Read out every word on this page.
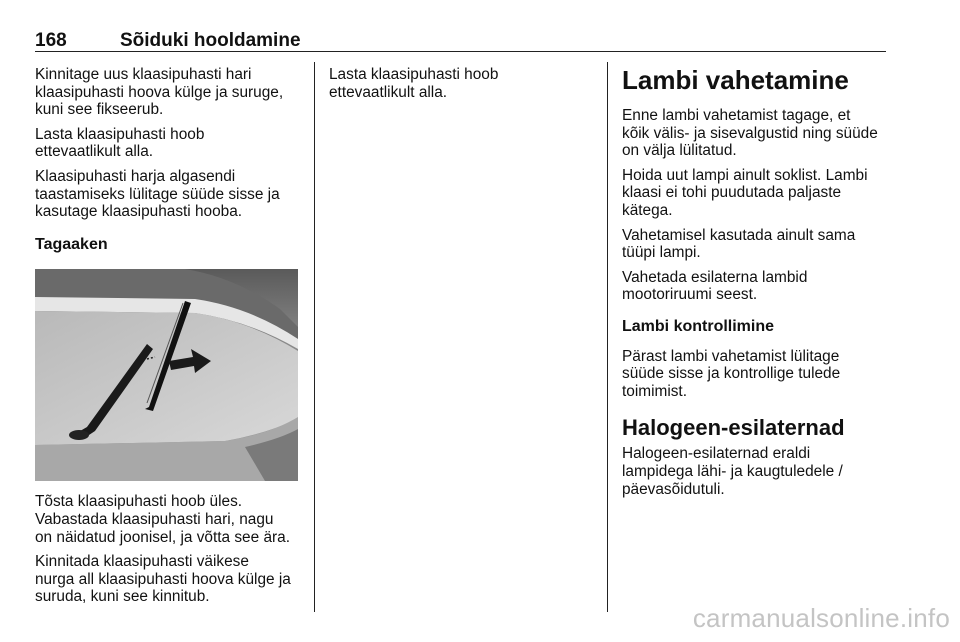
168	Sõiduki hooldamine

Kinnitage uus klaasipuhasti hari
klaasipuhasti hoova külge ja suruge,
kuni see fikseerub.

Lasta klaasipuhasti hoob
ettevaatlikult alla.

Klaasipuhasti harja algasendi
taastamiseks lülitage süüde sisse ja
kasutage klaasipuhasti hooba.

Tagaaken

Tõsta klaasipuhasti hoob üles.
Vabastada klaasipuhasti hari, nagu
on näidatud joonisel, ja võtta see ära.

Kinnitada klaasipuhasti väikese
nurga all klaasipuhasti hoova külge ja
suruda, kuni see kinnitub.

Lasta klaasipuhasti hoob
ettevaatlikult alla.	Lambi vahetamine

Enne lambi vahetamist tagage, et
kõik välis- ja sisevalgustid ning süüde
on välja lülitatud.

Hoida uut lampi ainult soklist. Lambi
klaasi ei tohi puudutada paljaste
kätega.

Vahetamisel kasutada ainult sama
tüüpi lampi.

Vahetada esilaterna lambid
mootoriruumi seest.

Lambi kontrollimine

Pärast lambi vahetamist lülitage
süüde sisse ja kontrollige tulede
toimimist.

Halogeen-esilaternad

Halogeen-esilaternad eraldi
lampidega lähi- ja kaugtuledele /
päevasõidutuli.

carmanualsonline.info
